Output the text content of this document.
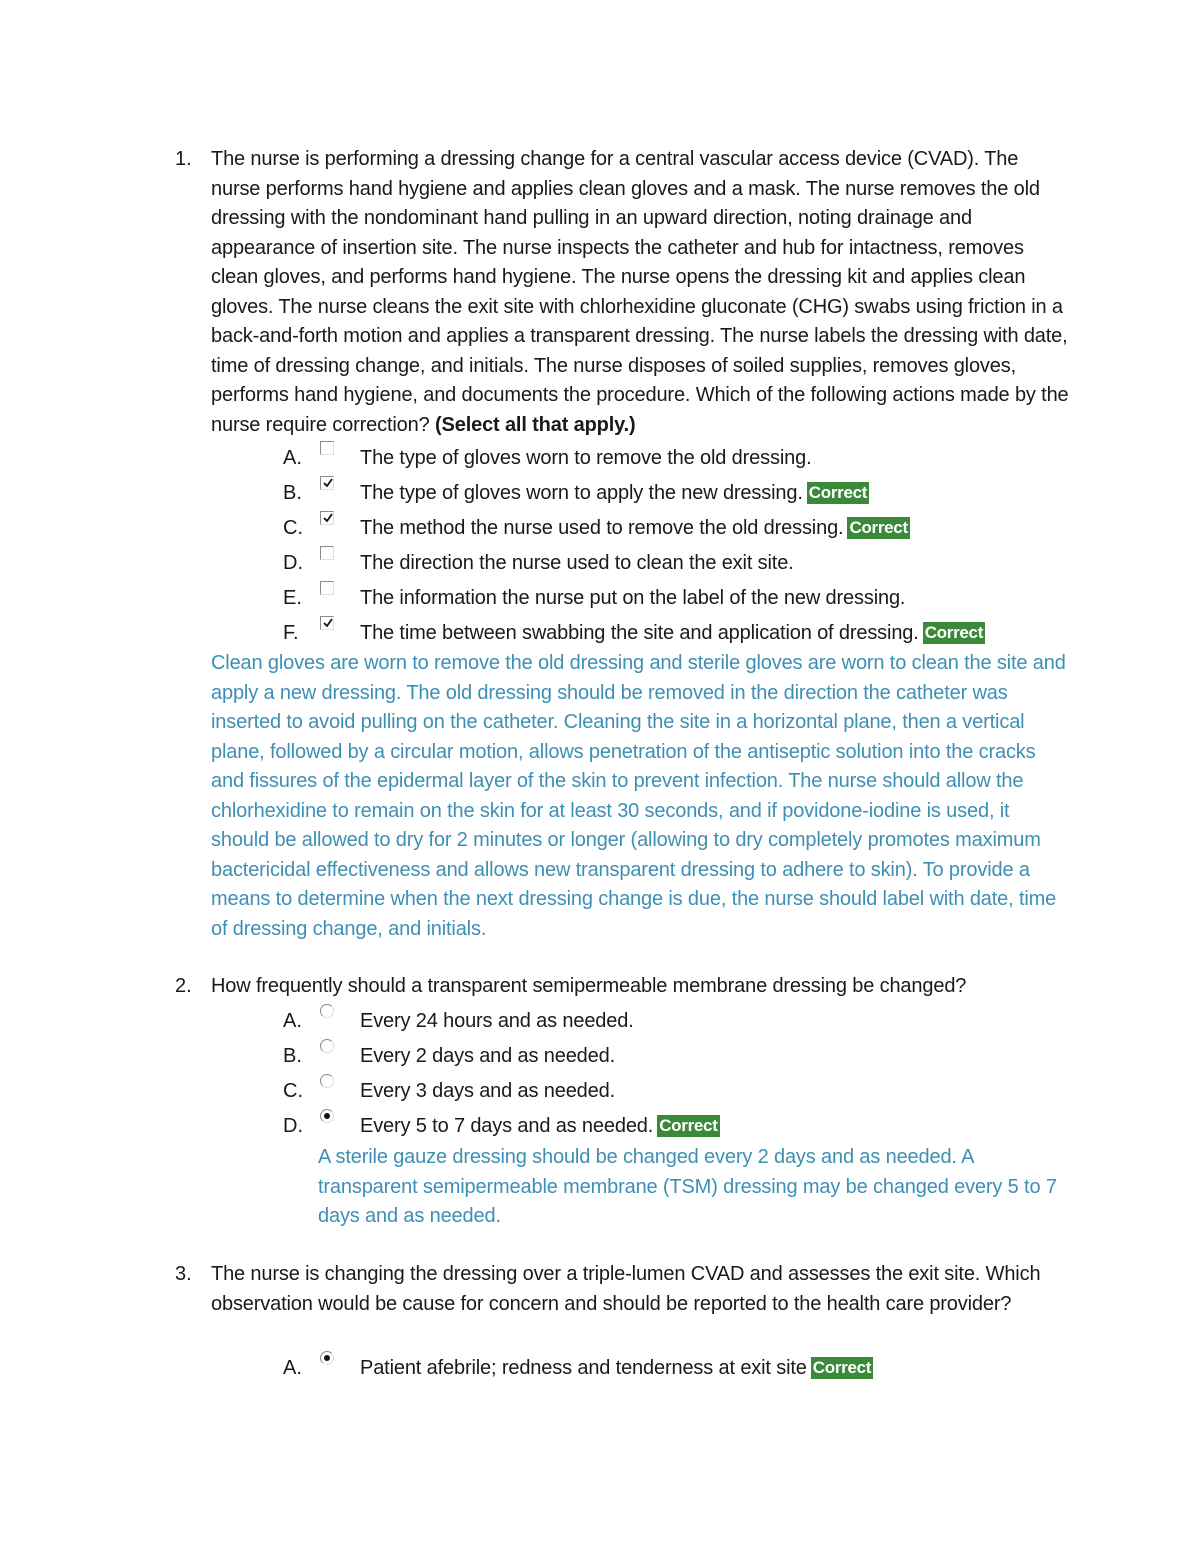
1. The nurse is performing a dressing change for a central vascular access device (CVAD). The nurse performs hand hygiene and applies clean gloves and a mask. The nurse removes the old dressing with the nondominant hand pulling in an upward direction, noting drainage and appearance of insertion site. The nurse inspects the catheter and hub for intactness, removes clean gloves, and performs hand hygiene. The nurse opens the dressing kit and applies clean gloves. The nurse cleans the exit site with chlorhexidine gluconate (CHG) swabs using friction in a back-and-forth motion and applies a transparent dressing. The nurse labels the dressing with date, time of dressing change, and initials. The nurse disposes of soiled supplies, removes gloves, performs hand hygiene, and documents the procedure. Which of the following actions made by the nurse require correction? (Select all that apply.)
A.	The type of gloves worn to remove the old dressing.
B.	The type of gloves worn to apply the new dressing. Correct
C.	The method the nurse used to remove the old dressing. Correct
D.	The direction the nurse used to clean the exit site.
E.	The information the nurse put on the label of the new dressing.
F.	The time between swabbing the site and application of dressing. Correct
Clean gloves are worn to remove the old dressing and sterile gloves are worn to clean the site and apply a new dressing. The old dressing should be removed in the direction the catheter was inserted to avoid pulling on the catheter. Cleaning the site in a horizontal plane, then a vertical plane, followed by a circular motion, allows penetration of the antiseptic solution into the cracks and fissures of the epidermal layer of the skin to prevent infection. The nurse should allow the chlorhexidine to remain on the skin for at least 30 seconds, and if povidone-iodine is used, it should be allowed to dry for 2 minutes or longer (allowing to dry completely promotes maximum bactericidal effectiveness and allows new transparent dressing to adhere to skin). To provide a means to determine when the next dressing change is due, the nurse should label with date, time of dressing change, and initials.
2. How frequently should a transparent semipermeable membrane dressing be changed?
A.	Every 24 hours and as needed.
B.	Every 2 days and as needed.
C.	Every 3 days and as needed.
D.	Every 5 to 7 days and as needed. Correct
A sterile gauze dressing should be changed every 2 days and as needed. A transparent semipermeable membrane (TSM) dressing may be changed every 5 to 7 days and as needed.
3. The nurse is changing the dressing over a triple-lumen CVAD and assesses the exit site. Which observation would be cause for concern and should be reported to the health care provider?
A.	Patient afebrile; redness and tenderness at exit site Correct
